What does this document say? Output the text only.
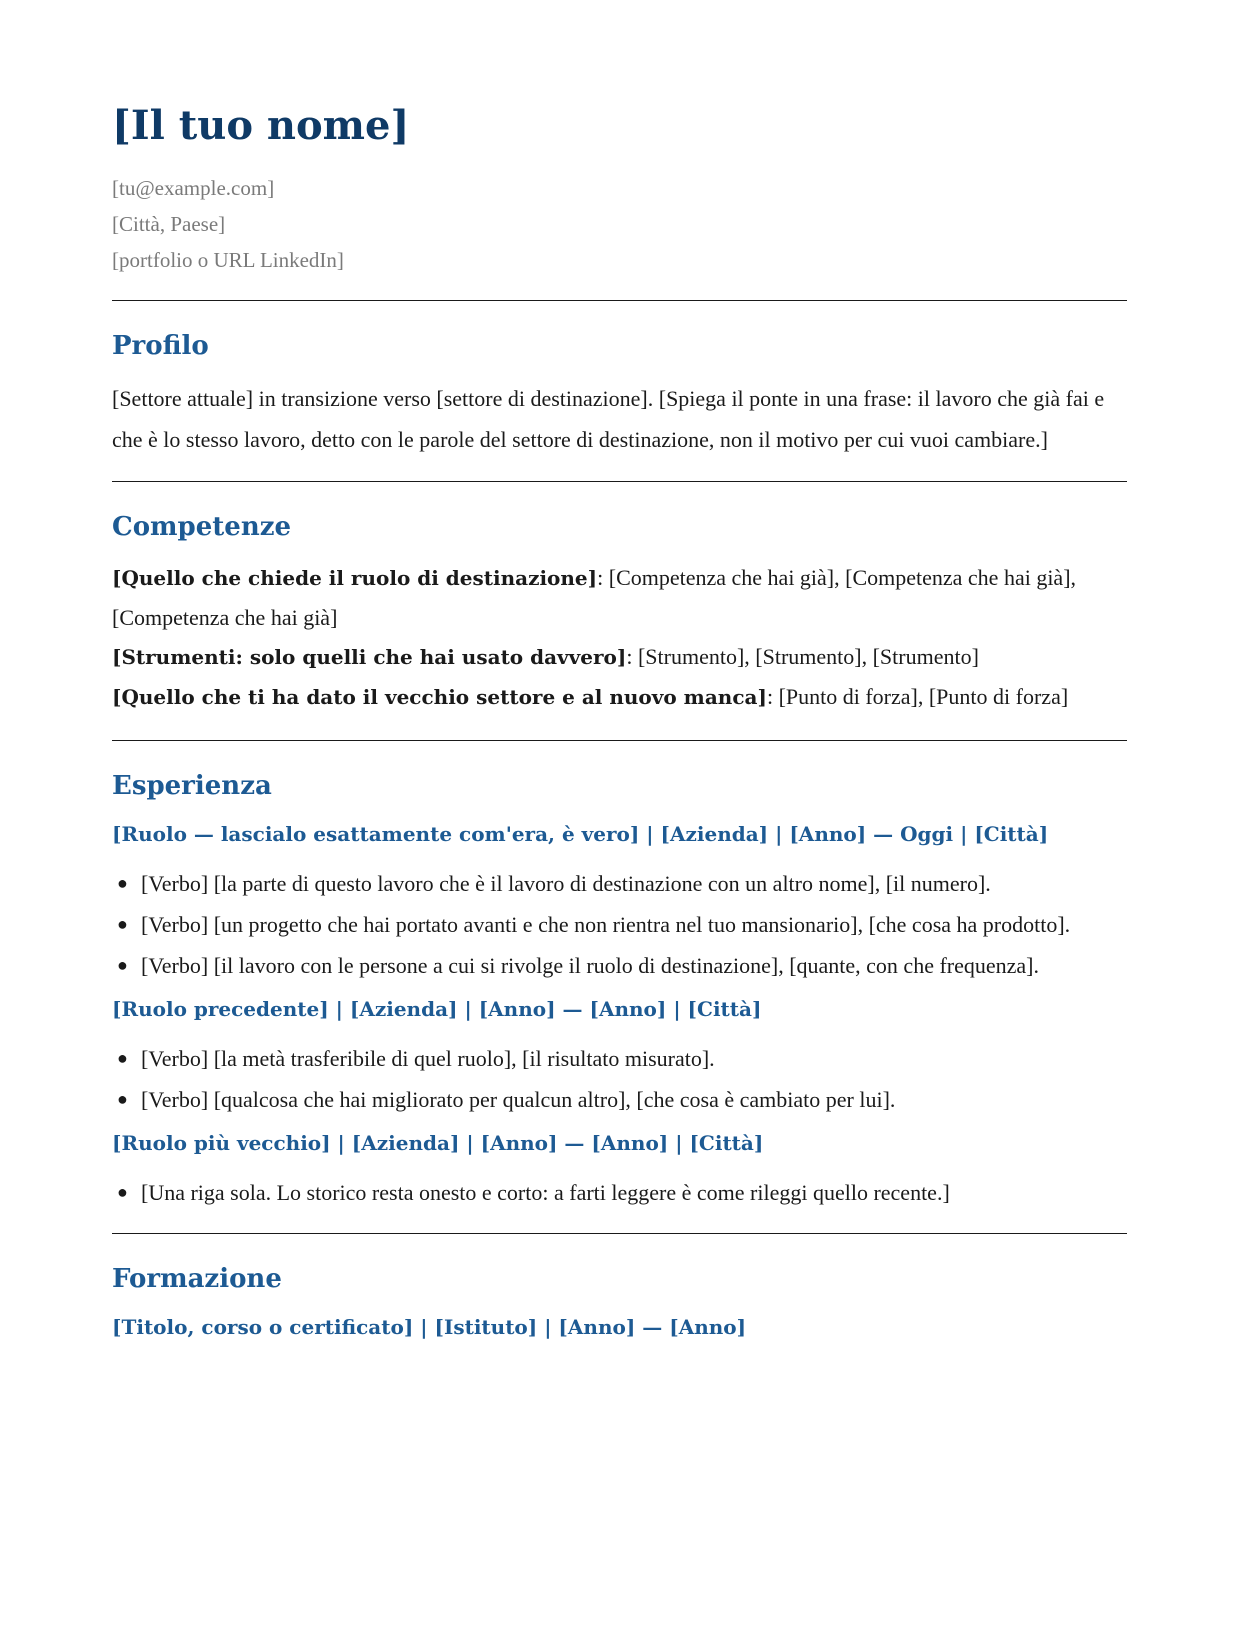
[Il tuo nome]
[tu@example.com]
[Città, Paese]
[portfolio o URL LinkedIn]
Profilo
[Settore attuale] in transizione verso [settore di destinazione]. [Spiega il ponte in una frase: il lavoro che già fai e che è lo stesso lavoro, detto con le parole del settore di destinazione, non il motivo per cui vuoi cambiare.]
Competenze
[Quello che chiede il ruolo di destinazione]: [Competenza che hai già], [Competenza che hai già], [Competenza che hai già]
[Strumenti: solo quelli che hai usato davvero]: [Strumento], [Strumento], [Strumento]
[Quello che ti ha dato il vecchio settore e al nuovo manca]: [Punto di forza], [Punto di forza]
Esperienza
[Ruolo — lascialo esattamente com'era, è vero] | [Azienda] | [Anno] — Oggi | [Città]
● [Verbo] [la parte di questo lavoro che è il lavoro di destinazione con un altro nome], [il numero].
● [Verbo] [un progetto che hai portato avanti e che non rientra nel tuo mansionario], [che cosa ha prodotto].
● [Verbo] [il lavoro con le persone a cui si rivolge il ruolo di destinazione], [quante, con che frequenza].
[Ruolo precedente] | [Azienda] | [Anno] — [Anno] | [Città]
● [Verbo] [la metà trasferibile di quel ruolo], [il risultato misurato].
● [Verbo] [qualcosa che hai migliorato per qualcun altro], [che cosa è cambiato per lui].
[Ruolo più vecchio] | [Azienda] | [Anno] — [Anno] | [Città]
● [Una riga sola. Lo storico resta onesto e corto: a farti leggere è come rileggi quello recente.]
Formazione
[Titolo, corso o certificato] | [Istituto] | [Anno] — [Anno]
